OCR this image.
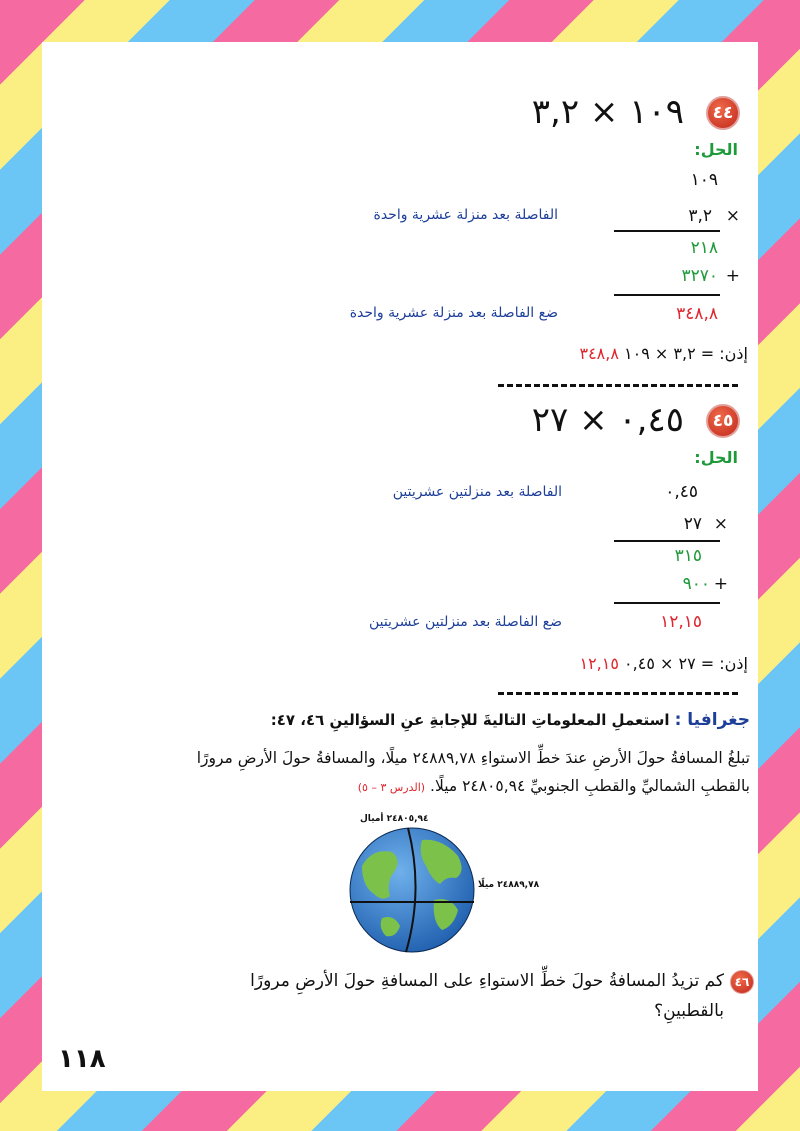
٤٤
١٠٩ × ٣,٢
الحل:
١٠٩
×
٣,٢
الفاصلة بعد منزلة عشرية واحدة
٢١٨
+
٣٢٧٠
٣٤٨,٨
ضع الفاصلة بعد منزلة عشرية واحدة
إذن: ٣,٢ × ١٠٩ = ٣٤٨,٨
٤٥
٠,٤٥ × ٢٧
الحل:
٠,٤٥
الفاصلة بعد منزلتين عشريتين
×
٢٧
٣١٥
+
٩٠٠
١٢,١٥
ضع الفاصلة بعد منزلتين عشريتين
إذن: ٢٧ × ٠,٤٥ = ١٢,١٥
جغرافيا : استعملِ المعلوماتِ التاليةَ للإجابةِ عنِ السؤالينِ ٤٦، ٤٧:
تبلغُ المسافةُ حولَ الأرضِ عندَ خطِّ الاستواءِ ٢٤٨٨٩,٧٨ ميلًا، والمسافةُ حولَ الأرضِ مرورًا
بالقطبِ الشماليِّ والقطبِ الجنوبيِّ ٢٤٨٠٥,٩٤ ميلًا. (الدرس ٣ – ٥)
٢٤٨٠٥,٩٤ أميال
٢٤٨٨٩,٧٨ ميلًا
٤٦
كم تزيدُ المسافةُ حولَ خطِّ الاستواءِ على المسافةِ حولَ الأرضِ مرورًا
بالقطبينِ؟
١١٨
